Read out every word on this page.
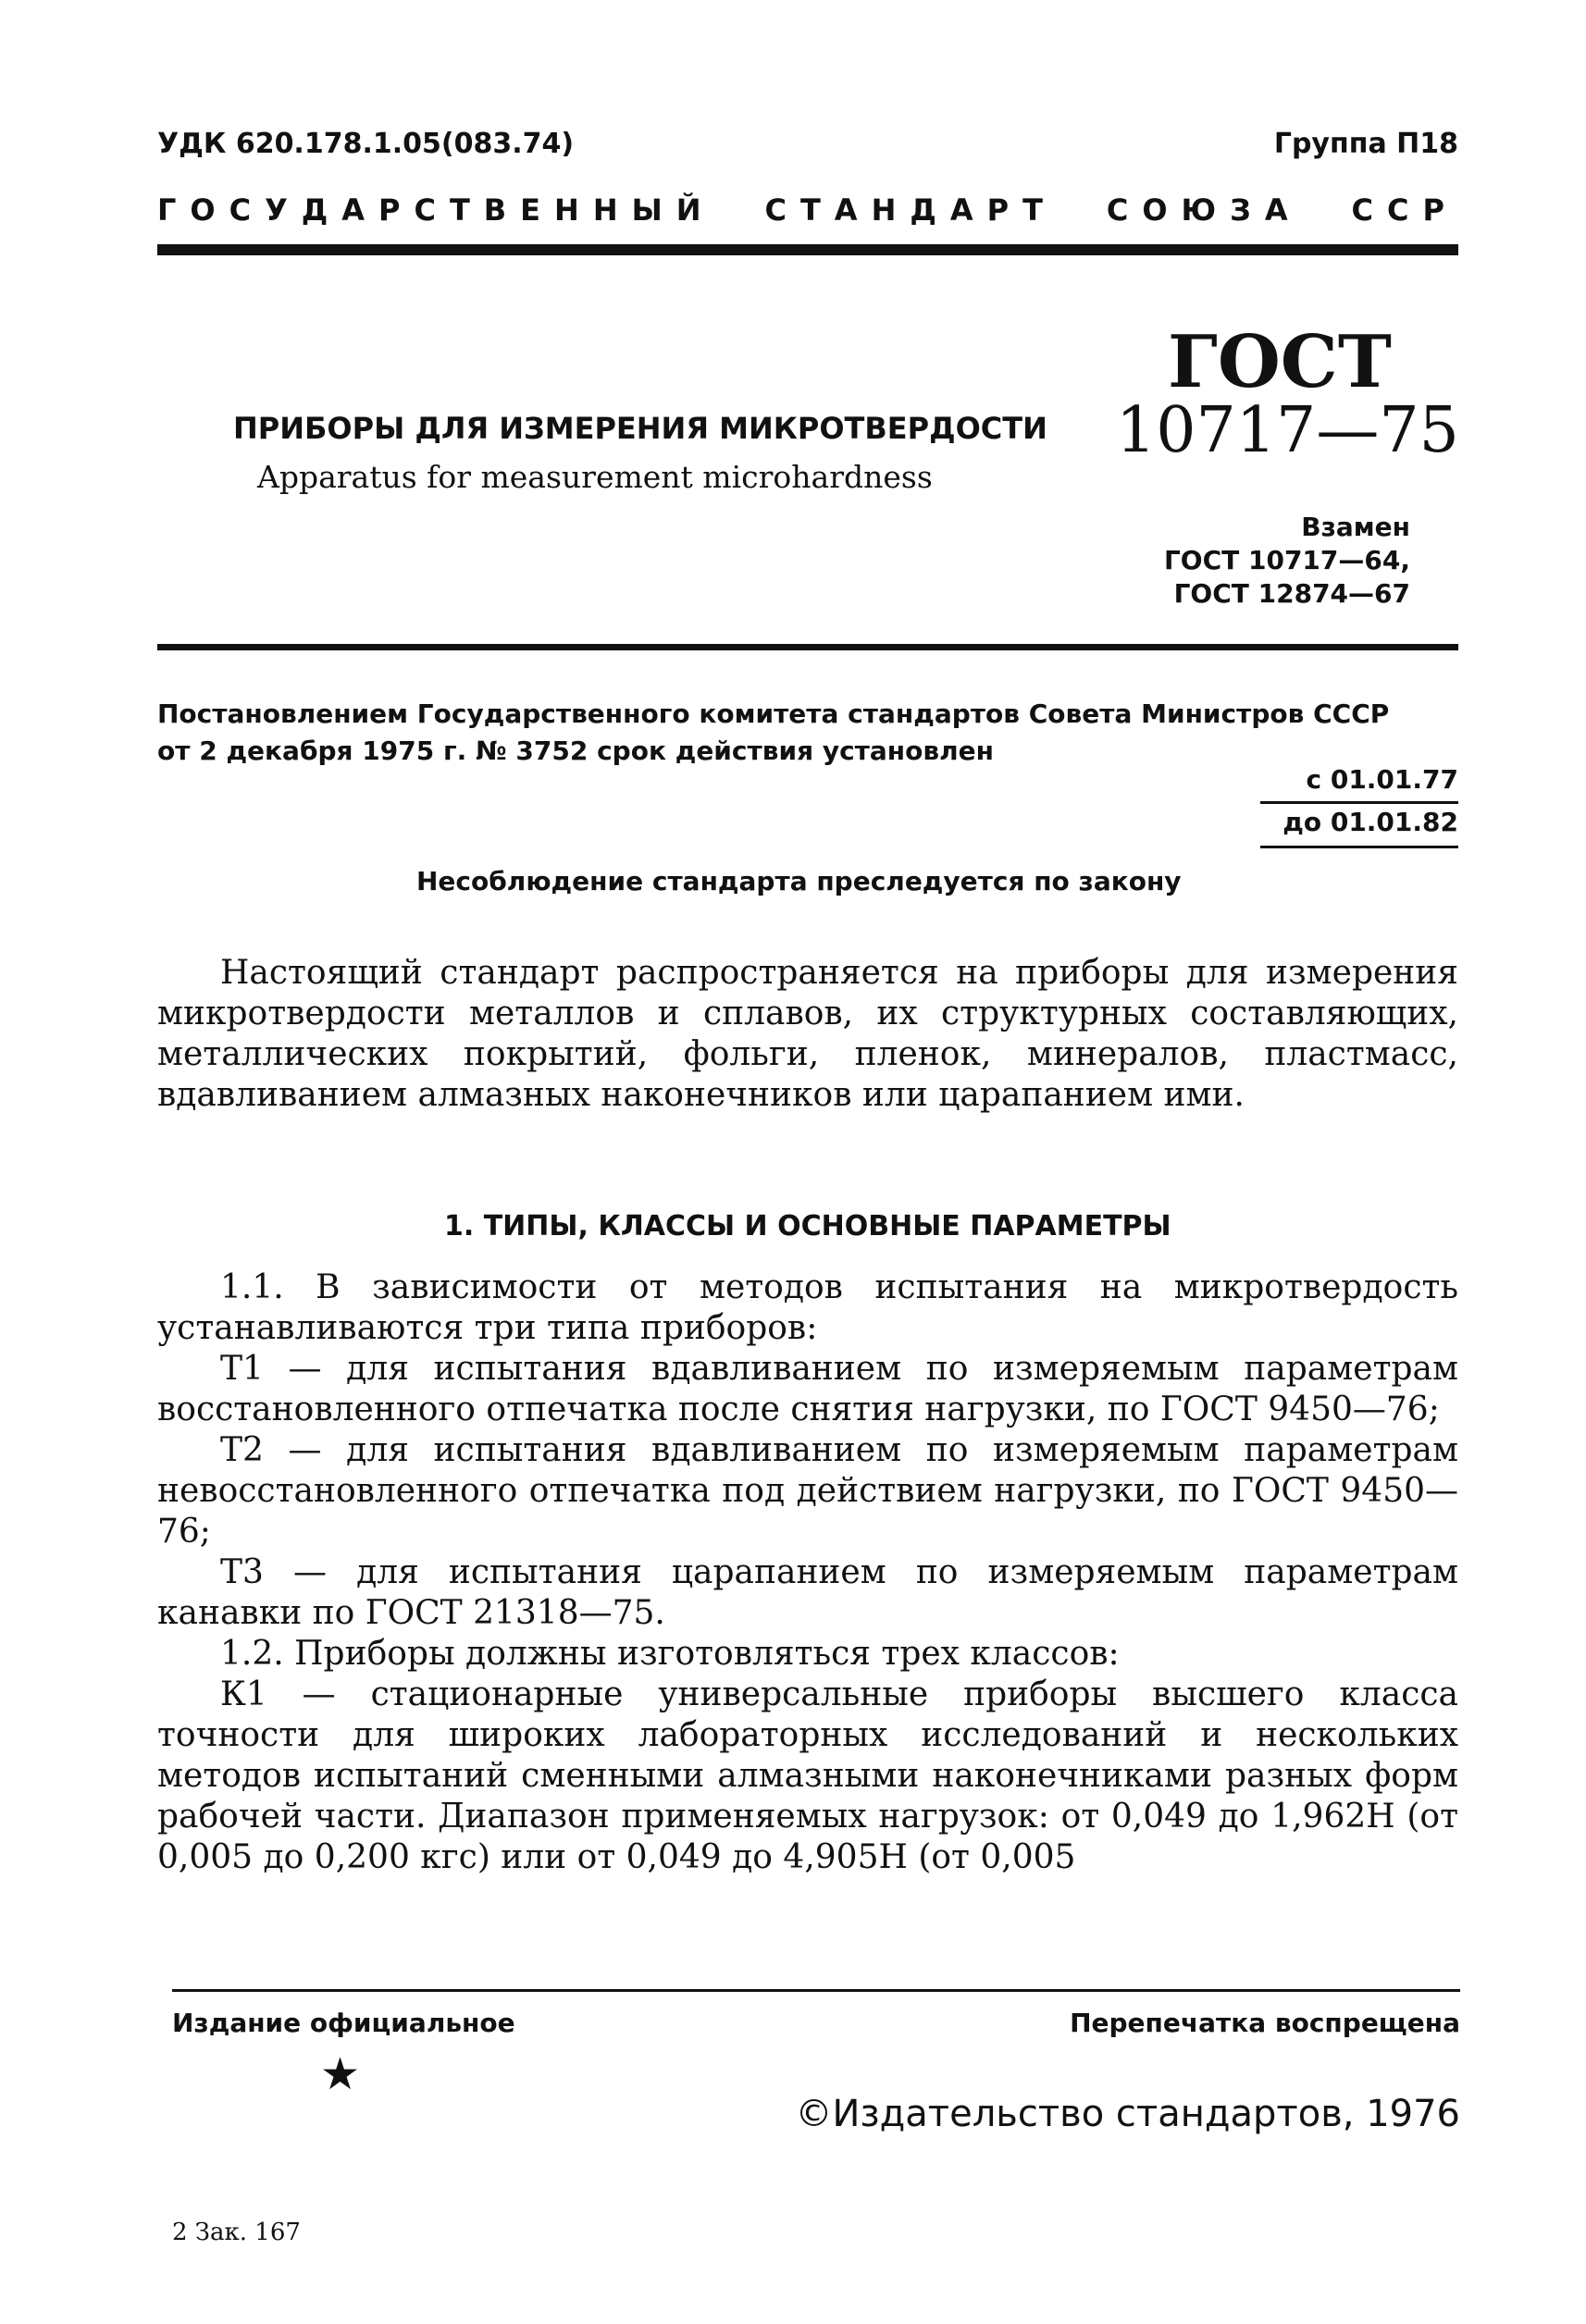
УДК 620.178.1.05(083.74)	Группа П18
ГОСУДАРСТВЕННЫЙ СТАНДАРТ СОЮЗА ССР
ПРИБОРЫ ДЛЯ ИЗМЕРЕНИЯ МИКРОТВЕРДОСТИ
Apparatus for measurement microhardness
ГОСТ
10717—75
Взамен
ГОСТ 10717—64,
ГОСТ 12874—67
Постановлением Государственного комитета стандартов Совета Министров СССР
от 2 декабря 1975 г. № 3752 срок действия установлен
с 01.01.77
до 01.01.82
Несоблюдение стандарта преследуется по закону
Настоящий стандарт распространяется на приборы для измерения микротвердости металлов и сплавов, их структурных составляющих, металлических покрытий, фольги, пленок, минералов, пластмасс, вдавливанием алмазных наконечников или царапанием ими.
1. ТИПЫ, КЛАССЫ И ОСНОВНЫЕ ПАРАМЕТРЫ

1.1. В зависимости от методов испытания на микротвердость устанавливаются три типа приборов:

Т1 — для испытания вдавливанием по измеряемым параметрам восстановленного отпечатка после снятия нагрузки, по ГОСТ 9450—76;

Т2 — для испытания вдавливанием по измеряемым параметрам невосстановленного отпечатка под действием нагрузки, по ГОСТ 9450—76;

Т3 — для испытания царапанием по измеряемым параметрам канавки по ГОСТ 21318—75.

1.2. Приборы должны изготовляться трех классов:

К1 — стационарные универсальные приборы высшего класса точности для широких лабораторных исследований и нескольких методов испытаний сменными алмазными наконечниками разных форм рабочей части. Диапазон применяемых нагрузок: от 0,049 до 1,962Н (от 0,005 до 0,200 кгс) или от 0,049 до 4,905Н (от 0,005

Издание официальное	Перепечатка воспрещена
★
©Издательство стандартов, 1976
2 Зак. 167
